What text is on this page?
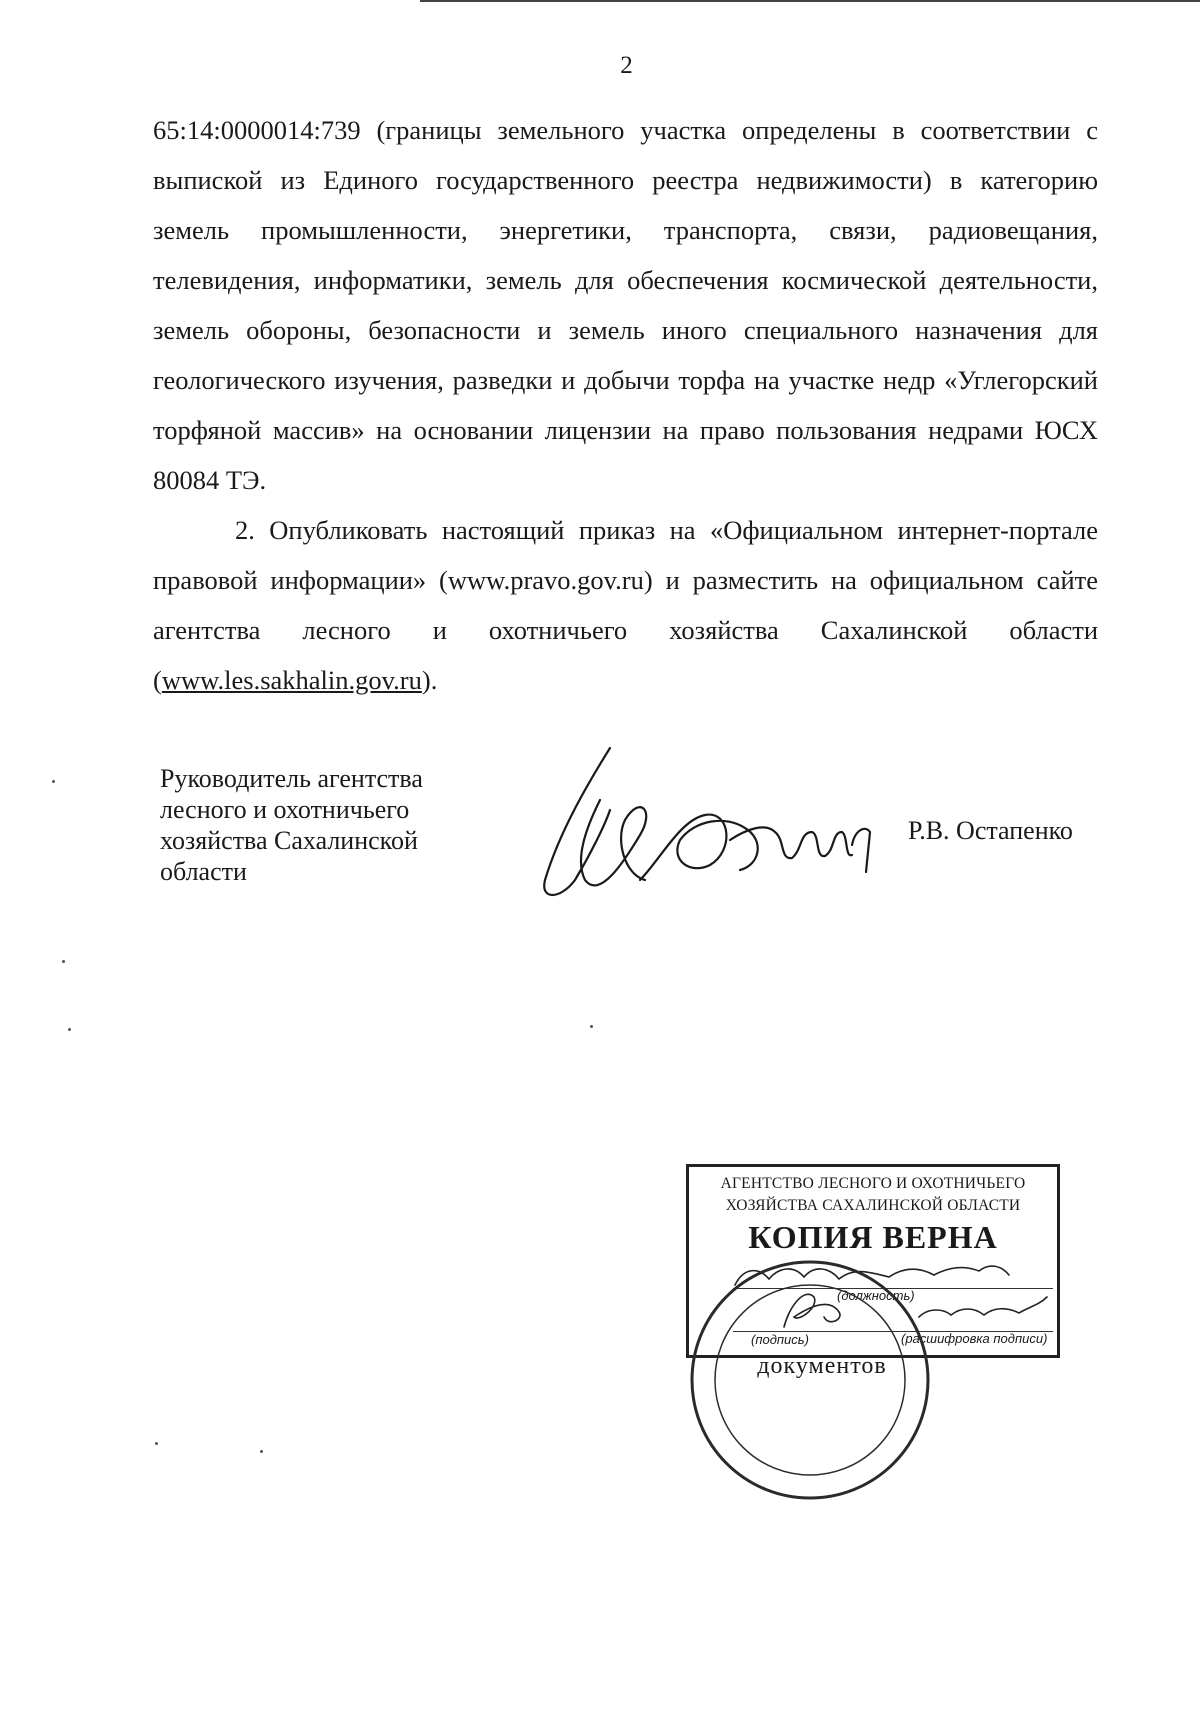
2

65:14:0000014:739 (границы земельного участка определены в соответствии с выпиской из Единого государственного реестра недвижимости) в категорию земель промышленности, энергетики, транспорта, связи, радиовещания, телевидения, информатики, земель для обеспечения космической деятельности, земель обороны, безопасности и земель иного специального назначения для геологического изучения, разведки и добычи торфа на участке недр «Углегорский торфяной массив» на основании лицензии на право пользования недрами ЮСХ 80084 ТЭ.

2. Опубликовать настоящий приказ на «Официальном интернет-портале правовой информации» (www.pravo.gov.ru) и разместить на официальном сайте агентства лесного и охотничьего хозяйства Сахалинской области (www.les.sakhalin.gov.ru).

Руководитель агентства
лесного и охотничьего
хозяйства Сахалинской
области
Р.В. Остапенко
АГЕНТСТВО ЛЕСНОГО И ОХОТНИЧЬЕГО
ХОЗЯЙСТВА САХАЛИНСКОЙ ОБЛАСТИ
КОПИЯ ВЕРНА
(должность)
(подпись)	(расшифровка подписи)
документов
